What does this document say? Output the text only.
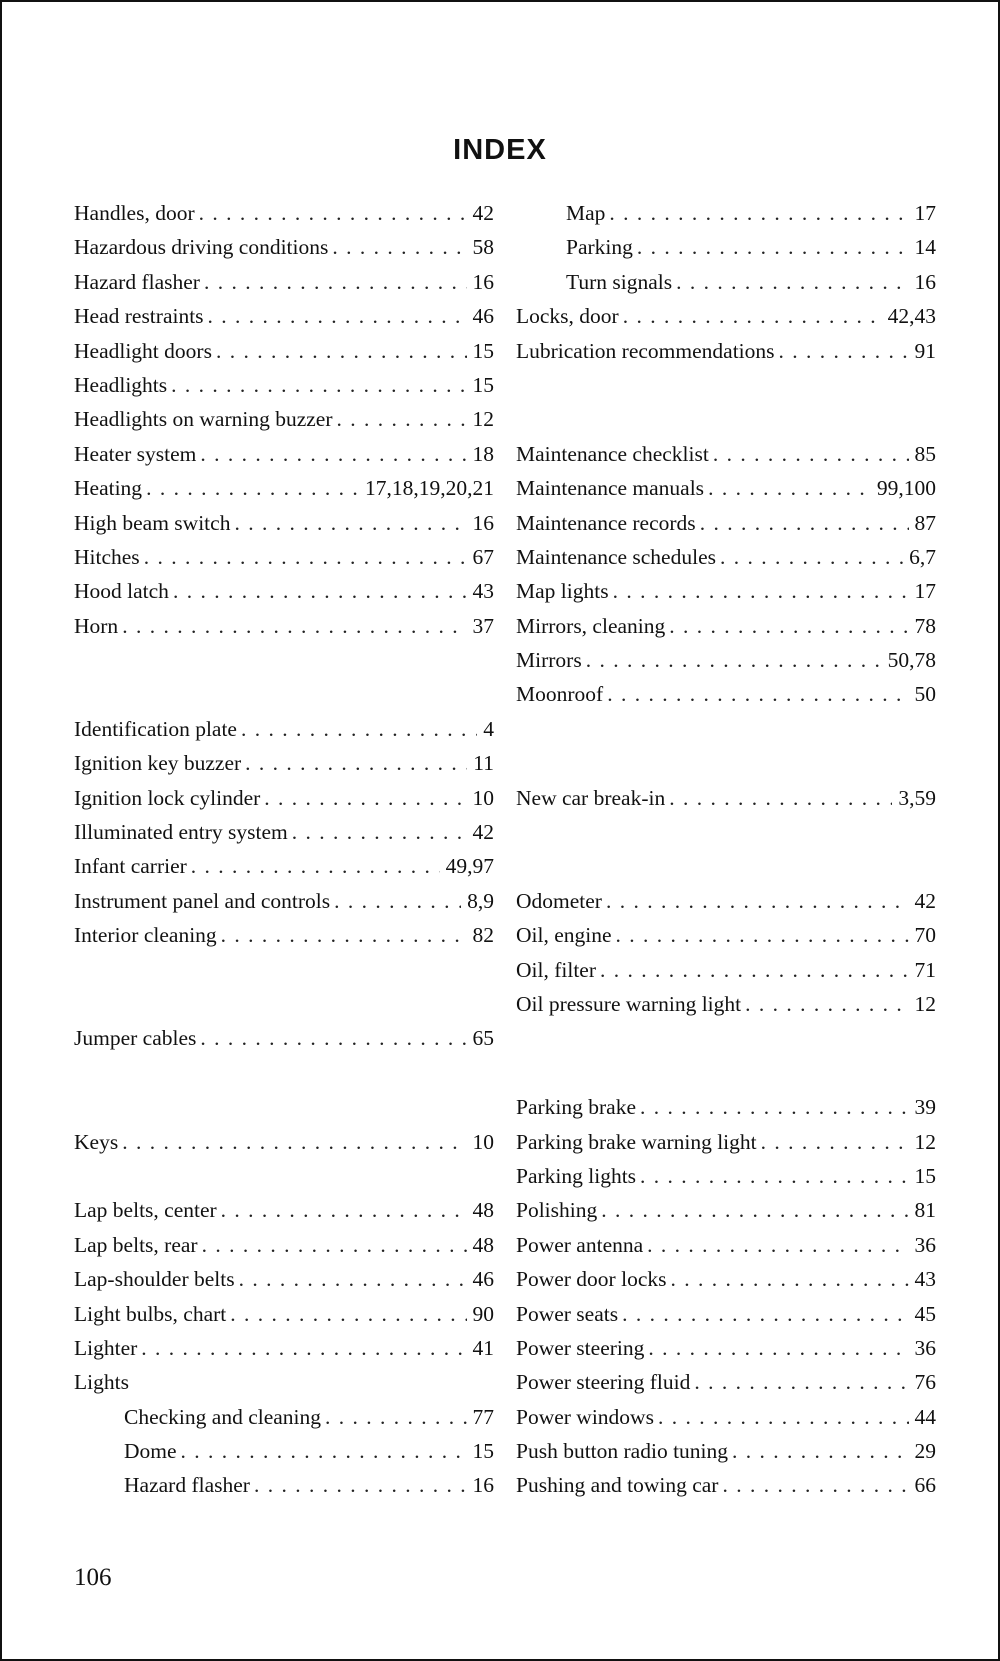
INDEX
Handles, door . . .	42
Hazardous driving conditions . . .	58
Hazard flasher . . .	16
Head restraints . . .	46
Headlight doors . . .	15
Headlights . . .	15
Headlights on warning buzzer . . .	12
Heater system . . .	18
Heating . . .	17,18,19,20,21
High beam switch . . .	16
Hitches . . .	67
Hood latch . . .	43
Horn . . .	37
Identification plate . . .	4
Ignition key buzzer . . .	11
Ignition lock cylinder . . .	10
Illuminated entry system . . .	42
Infant carrier . . .	49,97
Instrument panel and controls . . .	8,9
Interior cleaning . . .	82
Jumper cables . . .	65
Keys . . .	10
Lap belts, center . . .	48
Lap belts, rear . . .	48
Lap-shoulder belts . . .	46
Light bulbs, chart . . .	90
Lighter . . .	41
Lights
Checking and cleaning . . .	77
Dome . . .	15
Hazard flasher . . .	16
Map . . .	17
Parking . . .	14
Turn signals . . .	16
Locks, door . . .	42,43
Lubrication recommendations . . .	91
Maintenance checklist . . .	85
Maintenance manuals . . .	99,100
Maintenance records . . .	87
Maintenance schedules . . .	6,7
Map lights . . .	17
Mirrors, cleaning . . .	78
Mirrors . . .	50,78
Moonroof . . .	50
New car break-in . . .	3,59
Odometer . . .	42
Oil, engine . . .	70
Oil, filter . . .	71
Oil pressure warning light . . .	12
Parking brake . . .	39
Parking brake warning light . . .	12
Parking lights . . .	15
Polishing . . .	81
Power antenna . . .	36
Power door locks . . .	43
Power seats . . .	45
Power steering . . .	36
Power steering fluid . . .	76
Power windows . . .	44
Push button radio tuning . . .	29
Pushing and towing car . . .	66
106
